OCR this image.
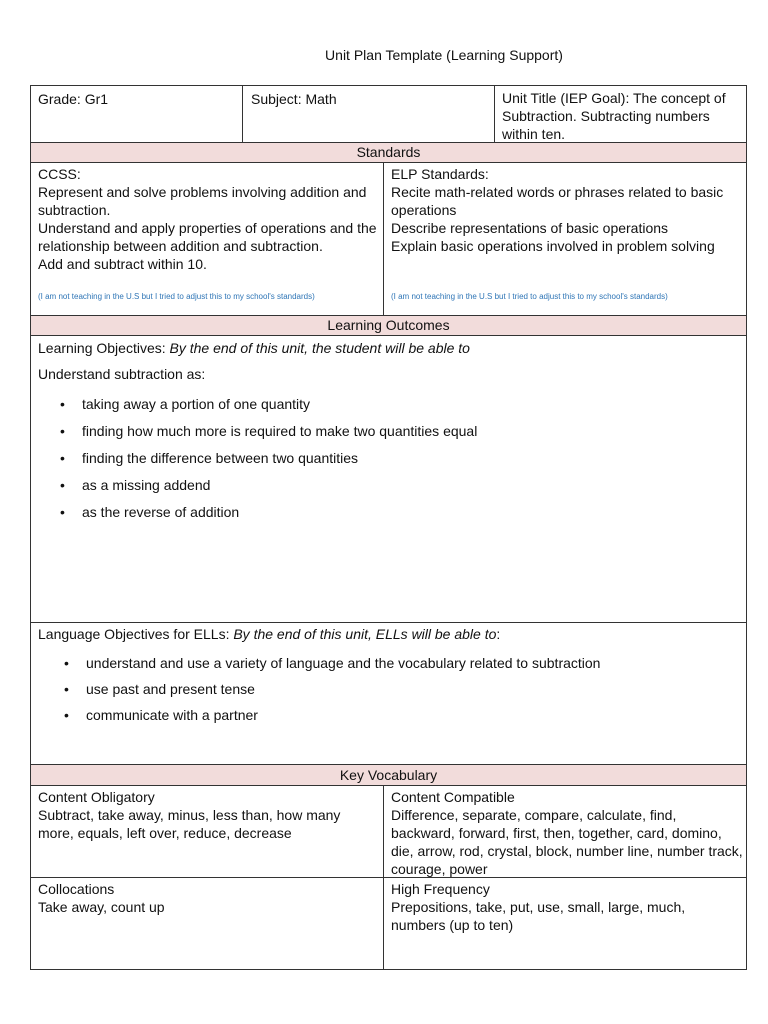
Unit Plan Template (Learning Support)
Grade: Gr1	Subject: Math	Unit Title (IEP Goal): The concept of Subtraction. Subtracting numbers within ten.
Standards
CCSS:
Represent and solve problems involving addition and subtraction.
Understand and apply properties of operations and the relationship between addition and subtraction.
Add and subtract within 10.
(I am not teaching in the U.S but I tried to adjust this to my school's standards)
ELP Standards:
Recite math-related words or phrases related to basic operations
Describe representations of basic operations
Explain basic operations involved in problem solving
(I am not teaching in the U.S but I tried to adjust this to my school's standards)
Learning Outcomes
Learning Objectives: By the end of this unit, the student will be able to
Understand subtraction as:
• taking away a portion of one quantity
• finding how much more is required to make two quantities equal
• finding the difference between two quantities
• as a missing addend
• as the reverse of addition
Language Objectives for ELLs: By the end of this unit, ELLs will be able to:
• understand and use a variety of language and the vocabulary related to subtraction
• use past and present tense
• communicate with a partner
Key Vocabulary
Content Obligatory
Subtract, take away, minus, less than, how many more, equals, left over, reduce, decrease
Content Compatible
Difference, separate, compare, calculate, find, backward, forward, first, then, together, card, domino, die, arrow, rod, crystal, block, number line, number track, courage, power
Collocations
Take away, count up
High Frequency
Prepositions, take, put, use, small, large, much, numbers (up to ten)
